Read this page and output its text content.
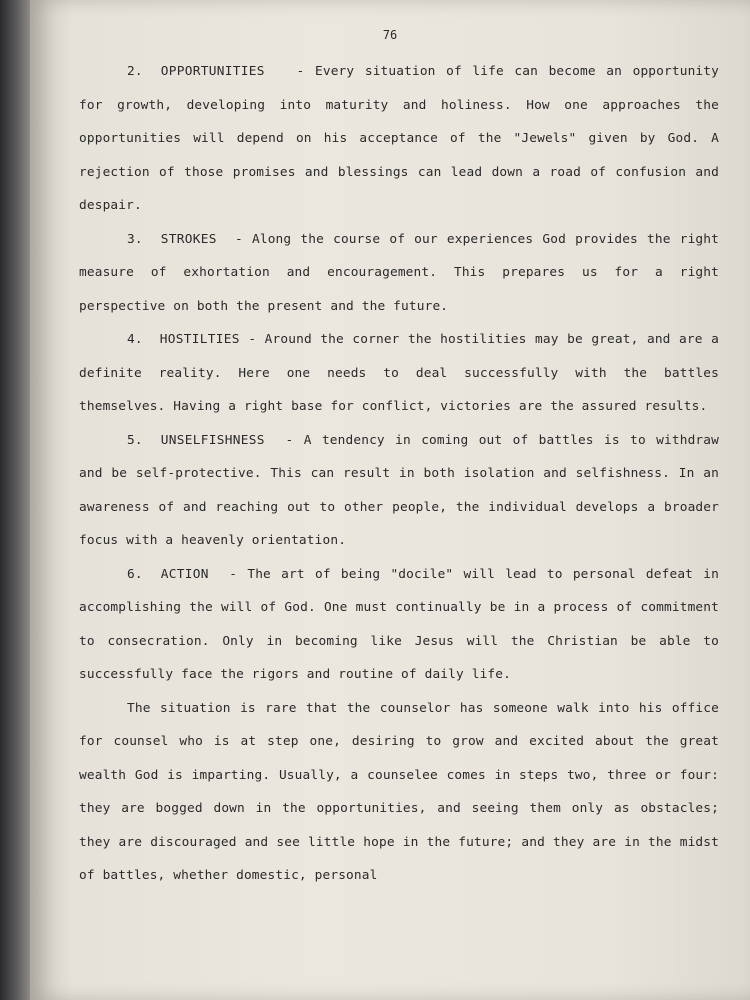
76

2. OPPORTUNITIES - Every situation of life can become an opportunity for growth, developing into maturity and holiness. How one approaches the opportunities will depend on his acceptance of the "Jewels" given by God. A rejection of those promises and blessings can lead down a road of confusion and despair.

3. STROKES - Along the course of our experiences God provides the right measure of exhortation and encouragement. This prepares us for a right perspective on both the present and the future.

4. HOSTILTIES - Around the corner the hostilities may be great, and are a definite reality. Here one needs to deal successfully with the battles themselves. Having a right base for conflict, victories are the assured results.

5. UNSELFISHNESS - A tendency in coming out of battles is to withdraw and be self-protective. This can result in both isolation and selfishness. In an awareness of and reaching out to other people, the individual develops a broader focus with a heavenly orientation.

6. ACTION - The art of being "docile" will lead to personal defeat in accomplishing the will of God. One must continually be in a process of commitment to consecration. Only in becoming like Jesus will the Christian be able to successfully face the rigors and routine of daily life.

The situation is rare that the counselor has someone walk into his office for counsel who is at step one, desiring to grow and excited about the great wealth God is imparting. Usually, a counselee comes in steps two, three or four: they are bogged down in the opportunities, and seeing them only as obstacles; they are discouraged and see little hope in the future; and they are in the midst of battles, whether domestic, personal
